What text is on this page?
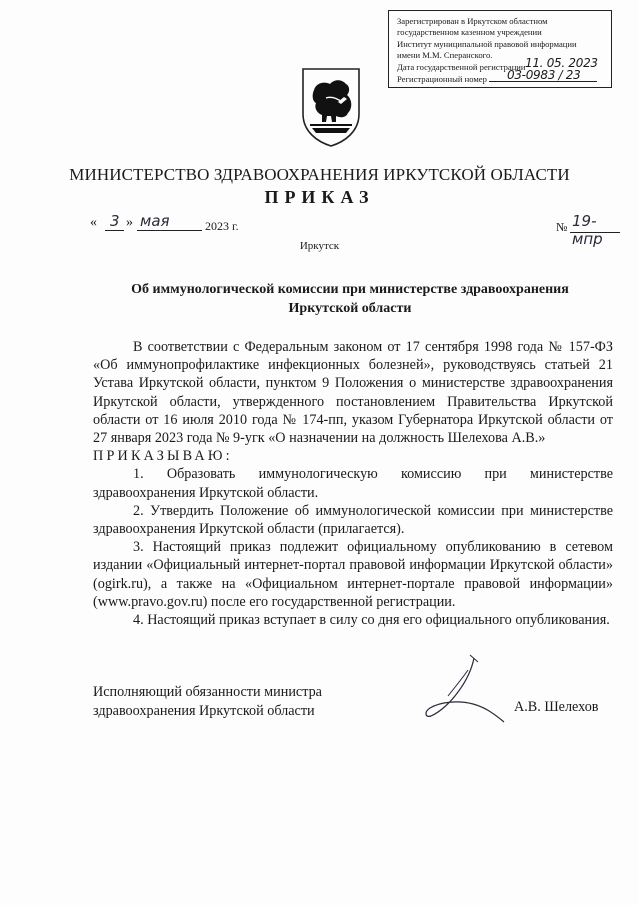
Зарегистрирован в Иркутском областном
государственном казенном учреждении
Институт муниципальной правовой информации
имени М.М. Сперанского.
Дата государственной регистрации 11. 05. 2023
Регистрационный номер 03-0983 / 23
МИНИСТЕРСТВО ЗДРАВООХРАНЕНИЯ ИРКУТСКОЙ ОБЛАСТИ
ПРИКАЗ
« 3 » мая	2023 г.	№ 19-мпр
Иркутск
Об иммунологической комиссии при министерстве здравоохранения Иркутской области

В соответствии с Федеральным законом от 17 сентября 1998 года № 157-ФЗ «Об иммунопрофилактике инфекционных болезней», руководствуясь статьей 21 Устава Иркутской области, пунктом 9 Положения о министерстве здравоохранения Иркутской области, утвержденного постановлением Правительства Иркутской области от 16 июля 2010 года № 174-пп, указом Губернатора Иркутской области от 27 января 2023 года № 9-угк «О назначении на должность Шелехова А.В.»

ПРИКАЗЫВАЮ:

1. Образовать иммунологическую комиссию при министерстве здравоохранения Иркутской области.

2. Утвердить Положение об иммунологической комиссии при министерстве здравоохранения Иркутской области (прилагается).

3. Настоящий приказ подлежит официальному опубликованию в сетевом издании «Официальный интернет-портал правовой информации Иркутской области» (ogirk.ru), а также на «Официальном интернет-портале правовой информации» (www.pravo.gov.ru) после его государственной регистрации.

4. Настоящий приказ вступает в силу со дня его официального опубликования.

Исполняющий обязанности министра
здравоохранения Иркутской области	А.В. Шелехов
